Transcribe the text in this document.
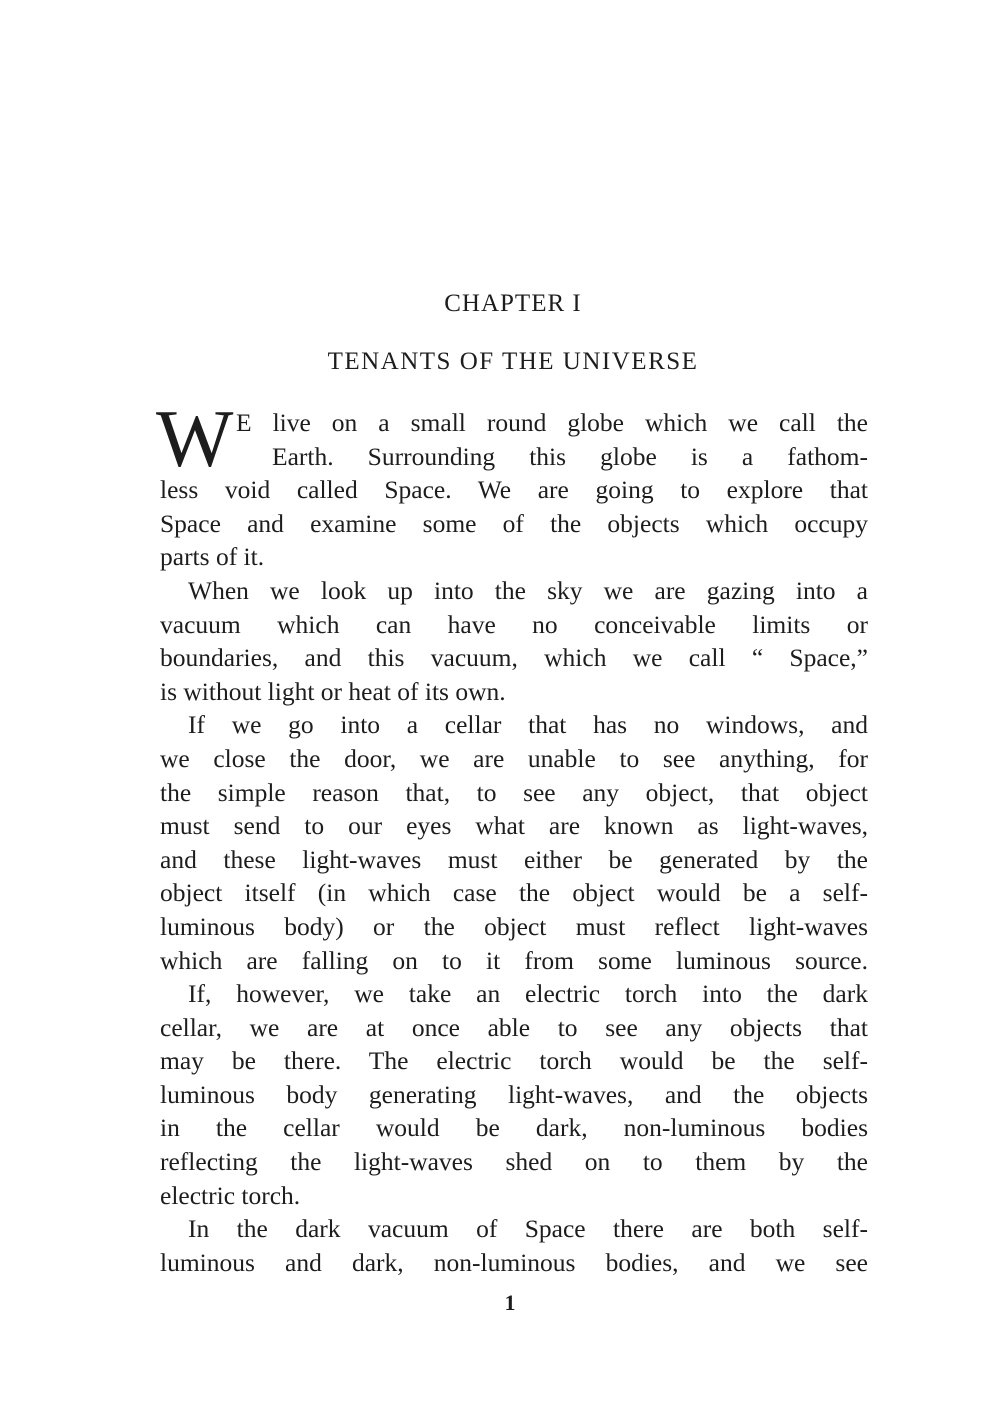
CHAPTER I
TENANTS OF THE UNIVERSE
W E live on a small round globe which we call the
Earth. Surrounding this globe is a fathom-
less void called Space. We are going to explore that
Space and examine some of the objects which occupy
parts of it.
When we look up into the sky we are gazing into a
vacuum which can have no conceivable limits or
boundaries, and this vacuum, which we call “ Space,”
is without light or heat of its own.
If we go into a cellar that has no windows, and
we close the door, we are unable to see anything, for
the simple reason that, to see any object, that object
must send to our eyes what are known as light-waves,
and these light-waves must either be generated by the
object itself (in which case the object would be a self-
luminous body) or the object must reflect light-waves
which are falling on to it from some luminous source.
If, however, we take an electric torch into the dark
cellar, we are at once able to see any objects that
may be there. The electric torch would be the self-
luminous body generating light-waves, and the objects
in the cellar would be dark, non-luminous bodies
reflecting the light-waves shed on to them by the
electric torch.
In the dark vacuum of Space there are both self-
luminous and dark, non-luminous bodies, and we see
1
